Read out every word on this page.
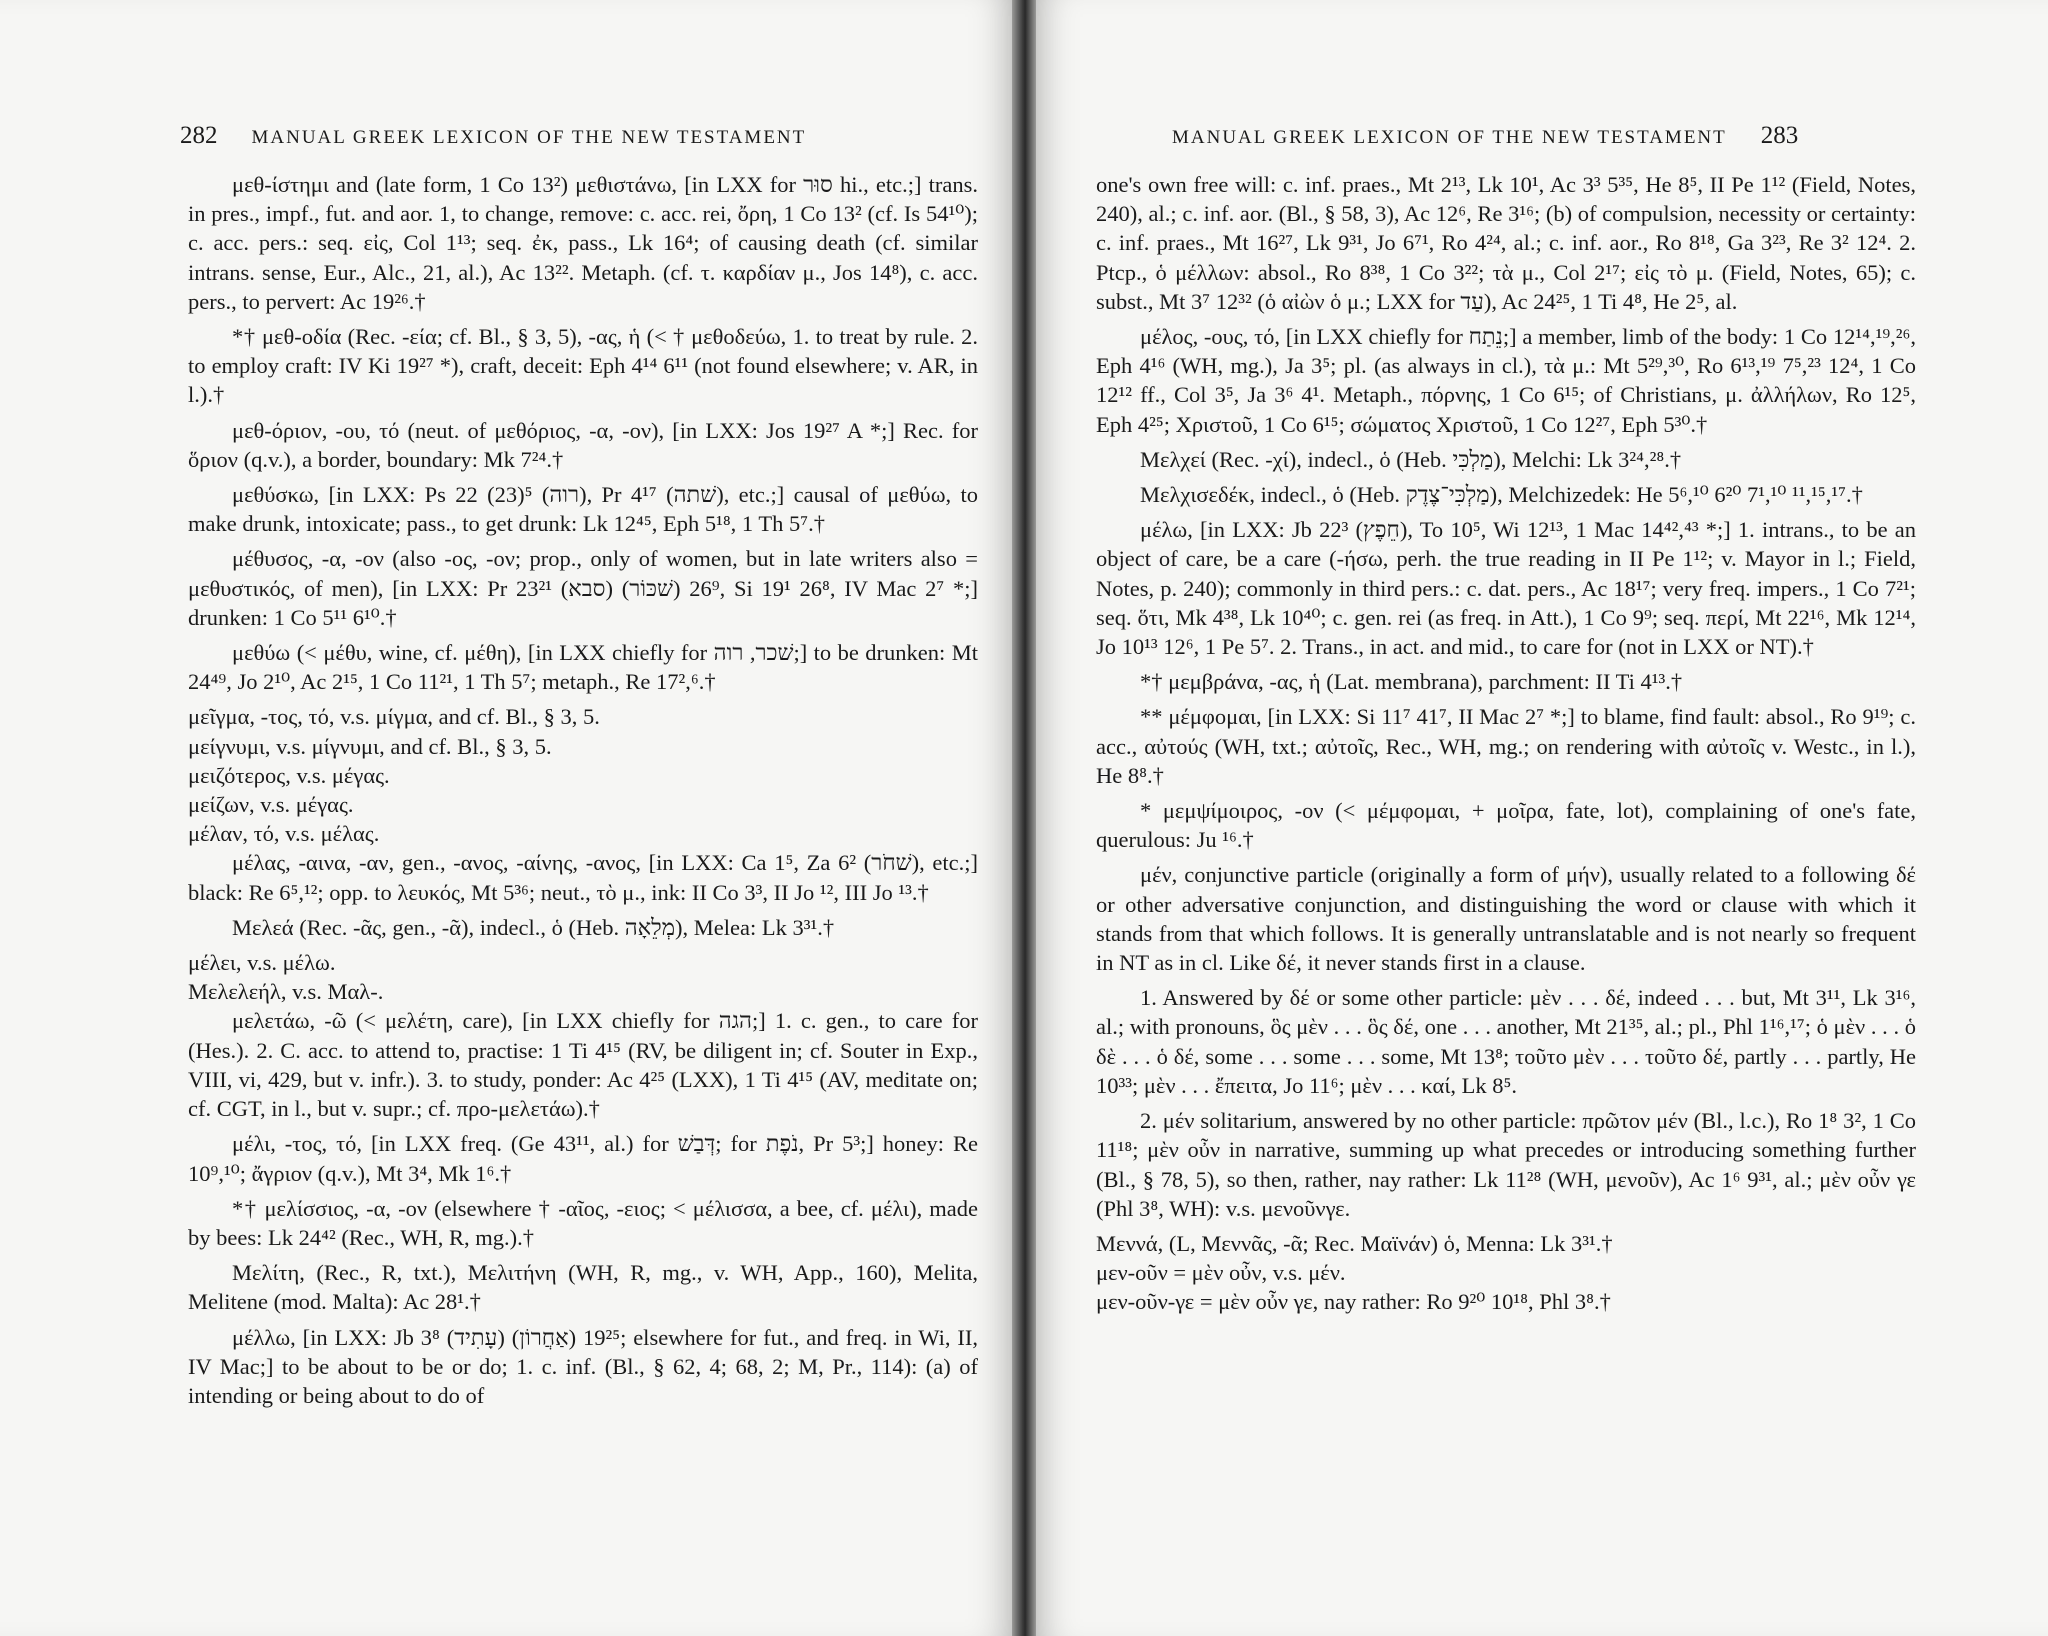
282 MANUAL GREEK LEXICON OF THE NEW TESTAMENT

μεθ-ίστημι and (late form, 1 Co 13²) μεθιστάνω, [in LXX for סוּר hi., etc.;] trans. in pres., impf., fut. and aor. 1, to change, remove: c. acc. rei, ὄρη, 1 Co 13² (cf. Is 54¹⁰); c. acc. pers.: seq. εἰς, Col 1¹³; seq. ἐκ, pass., Lk 16⁴; of causing death (cf. similar intrans. sense, Eur., Alc., 21, al.), Ac 13²². Metaph. (cf. τ. καρδίαν μ., Jos 14⁸), c. acc. pers., to pervert: Ac 19²⁶.†

*† μεθ-οδία (Rec. -εία; cf. Bl., § 3, 5), -ας, ἡ (< † μεθοδεύω, 1. to treat by rule. 2. to employ craft: IV Ki 19²⁷ *), craft, deceit: Eph 4¹⁴ 6¹¹ (not found elsewhere; v. AR, in l.).†

μεθ-όριον, -ου, τό (neut. of μεθόριος, -α, -ον), [in LXX: Jos 19²⁷ A *;] Rec. for ὅριον (q.v.), a border, boundary: Mk 7²⁴.†

μεθύσκω, [in LXX: Ps 22 (23)⁵ (רוה), Pr 4¹⁷ (שׁתה), etc.;] causal of μεθύω, to make drunk, intoxicate; pass., to get drunk: Lk 12⁴⁵, Eph 5¹⁸, 1 Th 5⁷.†

μέθυσος, -α, -ον (also -ος, -ον; prop., only of women, but in late writers also = μεθυστικός, of men), [in LXX: Pr 23²¹ (סבא) 26⁹ (שׁכּוֹר), Si 19¹ 26⁸, IV Mac 2⁷ *;] drunken: 1 Co 5¹¹ 6¹⁰.†

μεθύω (< μέθυ, wine, cf. μέθη), [in LXX chiefly for שׁכר, רוה;] to be drunken: Mt 24⁴⁹, Jo 2¹⁰, Ac 2¹⁵, 1 Co 11²¹, 1 Th 5⁷; metaph., Re 17²,⁶.†

μεῖγμα, -τος, τό, v.s. μίγμα, and cf. Bl., § 3, 5.

μείγνυμι, v.s. μίγνυμι, and cf. Bl., § 3, 5.

μειζότερος, v.s. μέγας.

μείζων, v.s. μέγας.

μέλαν, τό, v.s. μέλας.

μέλας, -αινα, -αν, gen., -ανος, -αίνης, -ανος, [in LXX: Ca 1⁵, Za 6² (שׁחֹר), etc.;] black: Re 6⁵,¹²; opp. to λευκός, Mt 5³⁶; neut., τὸ μ., ink: II Co 3³, II Jo ¹², III Jo ¹³.†

Μελεά (Rec. -ᾶς, gen., -ᾶ), indecl., ὁ (Heb. מְלֵאָה), Melea: Lk 3³¹.†

μέλει, v.s. μέλω.

Μελελεήλ, v.s. Μαλ-.

μελετάω, -ῶ (< μελέτη, care), [in LXX chiefly for הגה;] 1. c. gen., to care for (Hes.). 2. C. acc. to attend to, practise: 1 Ti 4¹⁵ (RV, be diligent in; cf. Souter in Exp., VIII, vi, 429, but v. infr.). 3. to study, ponder: Ac 4²⁵ (LXX), 1 Ti 4¹⁵ (AV, meditate on; cf. CGT, in l., but v. supr.; cf. προ-μελετάω).†

μέλι, -τος, τό, [in LXX freq. (Ge 43¹¹, al.) for דְּבַשׁ; for נֹפֶת, Pr 5³;] honey: Re 10⁹,¹⁰; ἄγριον (q.v.), Mt 3⁴, Mk 1⁶.†

*† μελίσσιος, -α, -ον (elsewhere † -αῖος, -ειος; < μέλισσα, a bee, cf. μέλι), made by bees: Lk 24⁴² (Rec., WH, R, mg.).†

Μελίτη, (Rec., R, txt.), Μελιτήνη (WH, R, mg., v. WH, App., 160), Melita, Melitene (mod. Malta): Ac 28¹.†

μέλλω, [in LXX: Jb 3⁸ (עָתִיד) 19²⁵ (אַחֲרוֹן); elsewhere for fut., and freq. in Wi, II, IV Mac;] to be about to be or do; 1. c. inf. (Bl., § 62, 4; 68, 2; M, Pr., 114): (a) of intending or being about to do of

MANUAL GREEK LEXICON OF THE NEW TESTAMENT 283

one's own free will: c. inf. praes., Mt 2¹³, Lk 10¹, Ac 3³ 5³⁵, He 8⁵, II Pe 1¹² (Field, Notes, 240), al.; c. inf. aor. (Bl., § 58, 3), Ac 12⁶, Re 3¹⁶; (b) of compulsion, necessity or certainty: c. inf. praes., Mt 16²⁷, Lk 9³¹, Jo 6⁷¹, Ro 4²⁴, al.; c. inf. aor., Ro 8¹⁸, Ga 3²³, Re 3² 12⁴. 2. Ptcp., ὁ μέλλων: absol., Ro 8³⁸, 1 Co 3²²; τὰ μ., Col 2¹⁷; εἰς τὸ μ. (Field, Notes, 65); c. subst., Mt 3⁷ 12³² (ὁ αἰὼν ὁ μ.; LXX for עַד), Ac 24²⁵, 1 Ti 4⁸, He 2⁵, al.

μέλος, -ους, τό, [in LXX chiefly for נֵתַח;] a member, limb of the body: 1 Co 12¹⁴,¹⁹,²⁶, Eph 4¹⁶ (WH, mg.), Ja 3⁵; pl. (as always in cl.), τὰ μ.: Mt 5²⁹,³⁰, Ro 6¹³,¹⁹ 7⁵,²³ 12⁴, 1 Co 12¹² ff., Col 3⁵, Ja 3⁶ 4¹. Metaph., πόρνης, 1 Co 6¹⁵; of Christians, μ. ἀλλήλων, Ro 12⁵, Eph 4²⁵; Χριστοῦ, 1 Co 6¹⁵; σώματος Χριστοῦ, 1 Co 12²⁷, Eph 5³⁰.†

Μελχεί (Rec. -χί), indecl., ὁ (Heb. מַלְכִּי), Melchi: Lk 3²⁴,²⁸.†

Μελχισεδέκ, indecl., ὁ (Heb. מַלְכִּי־צֶדֶק), Melchizedek: He 5⁶,¹⁰ 6²⁰ 7¹,¹⁰ ¹¹,¹⁵,¹⁷.†

μέλω, [in LXX: Jb 22³ (חֵפֶץ), To 10⁵, Wi 12¹³, 1 Mac 14⁴²,⁴³ *;] 1. intrans., to be an object of care, be a care (-ήσω, perh. the true reading in II Pe 1¹²; v. Mayor in l.; Field, Notes, p. 240); commonly in third pers.: c. dat. pers., Ac 18¹⁷; very freq. impers., 1 Co 7²¹; seq. ὅτι, Mk 4³⁸, Lk 10⁴⁰; c. gen. rei (as freq. in Att.), 1 Co 9⁹; seq. περί, Mt 22¹⁶, Mk 12¹⁴, Jo 10¹³ 12⁶, 1 Pe 5⁷. 2. Trans., in act. and mid., to care for (not in LXX or NT).†

*† μεμβράνα, -ας, ἡ (Lat. membrana), parchment: II Ti 4¹³.†

** μέμφομαι, [in LXX: Si 11⁷ 41⁷, II Mac 2⁷ *;] to blame, find fault: absol., Ro 9¹⁹; c. acc., αὐτούς (WH, txt.; αὐτοῖς, Rec., WH, mg.; on rendering with αὐτοῖς v. Westc., in l.), He 8⁸.†

* μεμψίμοιρος, -ον (< μέμφομαι, + μοῖρα, fate, lot), complaining of one's fate, querulous: Ju ¹⁶.†

μέν, conjunctive particle (originally a form of μήν), usually related to a following δέ or other adversative conjunction, and distinguishing the word or clause with which it stands from that which follows. It is generally untranslatable and is not nearly so frequent in NT as in cl. Like δέ, it never stands first in a clause.

1. Answered by δέ or some other particle: μὲν . . . δέ, indeed . . . but, Mt 3¹¹, Lk 3¹⁶, al.; with pronouns, ὃς μὲν . . . ὃς δέ, one . . . another, Mt 21³⁵, al.; pl., Phl 1¹⁶,¹⁷; ὁ μὲν . . . ὁ δὲ . . . ὁ δέ, some . . . some . . . some, Mt 13⁸; τοῦτο μὲν . . . τοῦτο δέ, partly . . . partly, He 10³³; μὲν . . . ἔπειτα, Jo 11⁶; μὲν . . . καί, Lk 8⁵.

2. μέν solitarium, answered by no other particle: πρῶτον μέν (Bl., l.c.), Ro 1⁸ 3², 1 Co 11¹⁸; μὲν οὖν in narrative, summing up what precedes or introducing something further (Bl., § 78, 5), so then, rather, nay rather: Lk 11²⁸ (WH, μενοῦν), Ac 1⁶ 9³¹, al.; μὲν οὖν γε (Phl 3⁸, WH): v.s. μενοῦνγε.

Μεννά, (L, Μεννᾶς, -ᾶ; Rec. Μαϊνάν) ὁ, Menna: Lk 3³¹.†

μεν-οῦν = μὲν οὖν, v.s. μέν.

μεν-οῦν-γε = μὲν οὖν γε, nay rather: Ro 9²⁰ 10¹⁸, Phl 3⁸.†
